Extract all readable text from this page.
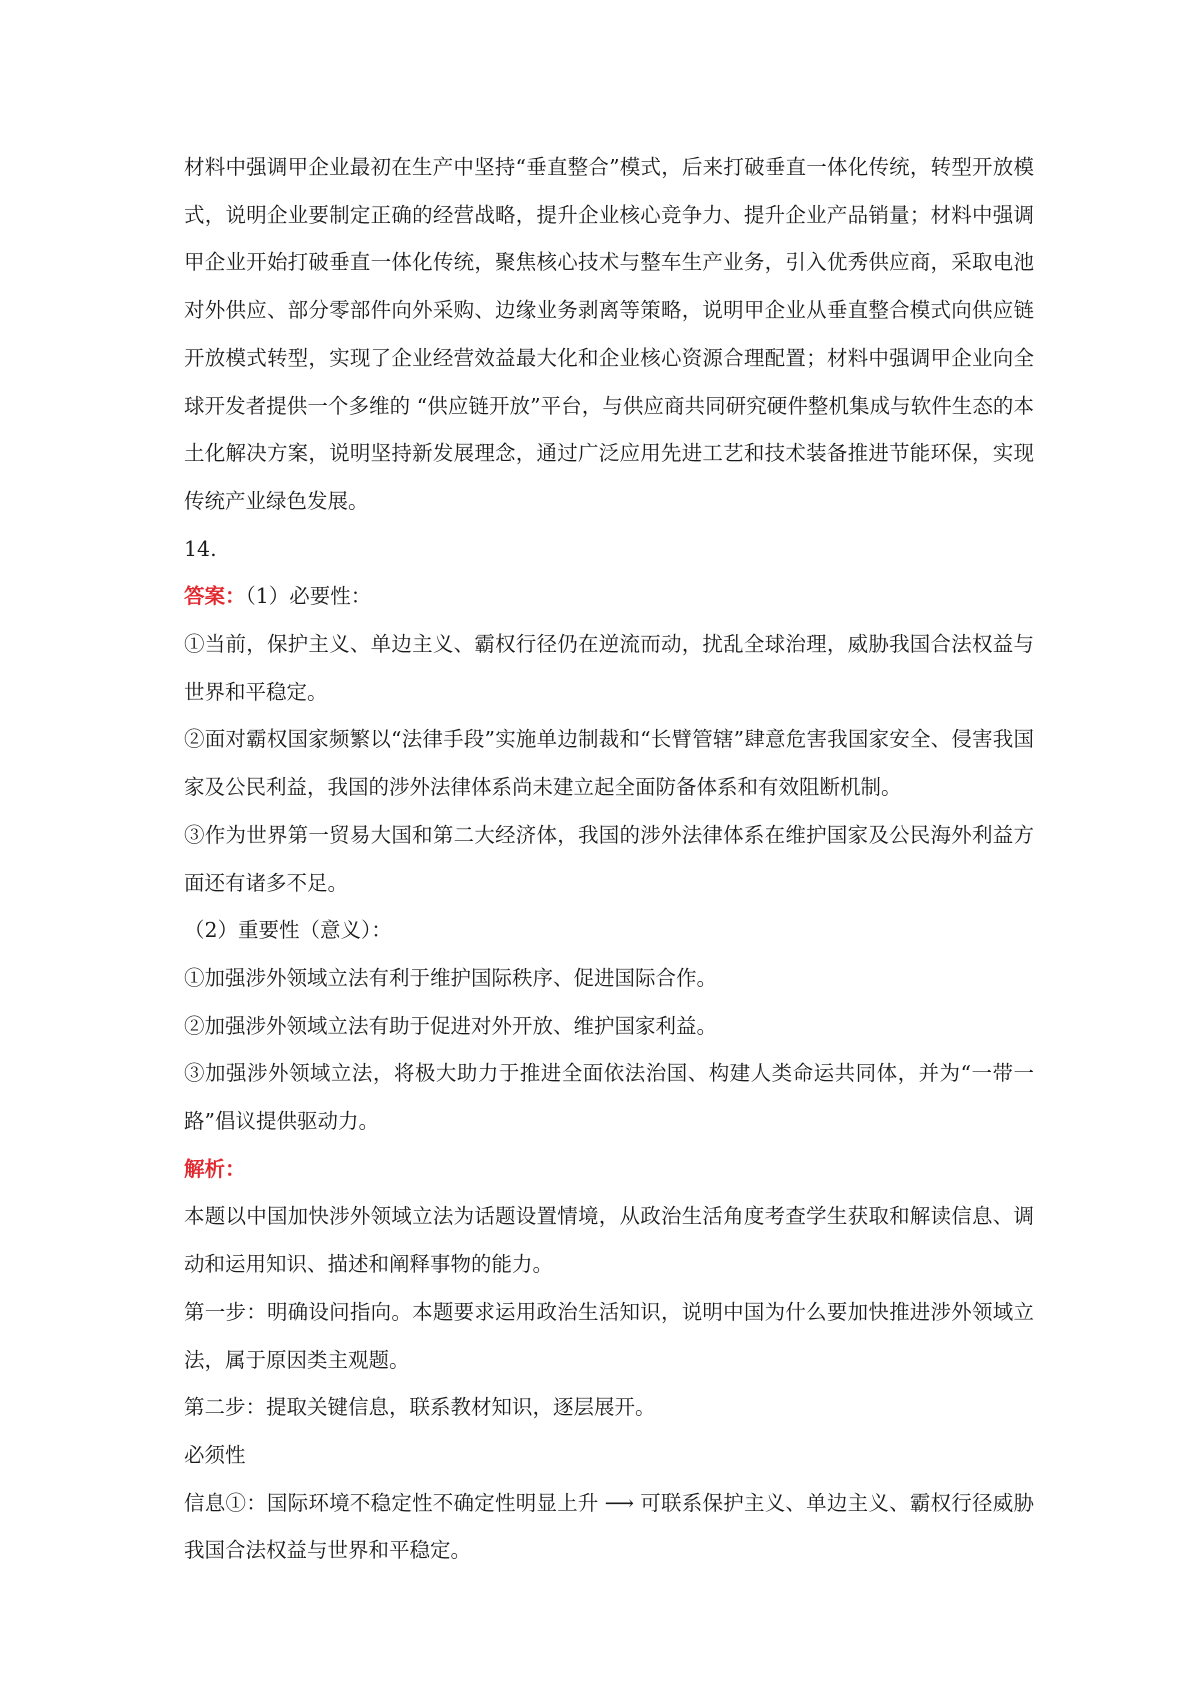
材料中强调甲企业最初在生产中坚持“垂直整合”模式，后来打破垂直一体化传统，转型开放模式，说明企业要制定正确的经营战略，提升企业核心竞争力、提升企业产品销量；材料中强调甲企业开始打破垂直一体化传统，聚焦核心技术与整车生产业务，引入优秀供应商，采取电池对外供应、部分零部件向外采购、边缘业务剥离等策略，说明甲企业从垂直整合模式向供应链开放模式转型，实现了企业经营效益最大化和企业核心资源合理配置；材料中强调甲企业向全球开发者提供一个多维的 “供应链开放”平台，与供应商共同研究硬件整机集成与软件生态的本土化解决方案，说明坚持新发展理念，通过广泛应用先进工艺和技术装备推进节能环保，实现传统产业绿色发展。

14.

答案：（1）必要性：

①当前，保护主义、单边主义、霸权行径仍在逆流而动，扰乱全球治理，威胁我国合法权益与世界和平稳定。

②面对霸权国家频繁以“法律手段”实施单边制裁和“长臂管辖”肆意危害我国家安全、侵害我国家及公民利益，我国的涉外法律体系尚未建立起全面防备体系和有效阻断机制。

③作为世界第一贸易大国和第二大经济体，我国的涉外法律体系在维护国家及公民海外利益方面还有诸多不足。

（2）重要性（意义）：

①加强涉外领域立法有利于维护国际秩序、促进国际合作。

②加强涉外领域立法有助于促进对外开放、维护国家利益。

③加强涉外领域立法，将极大助力于推进全面依法治国、构建人类命运共同体，并为“一带一路”倡议提供驱动力。

解析：

本题以中国加快涉外领域立法为话题设置情境，从政治生活角度考查学生获取和解读信息、调动和运用知识、描述和阐释事物的能力。

第一步：明确设问指向。本题要求运用政治生活知识，说明中国为什么要加快推进涉外领域立法，属于原因类主观题。

第二步：提取关键信息，联系教材知识，逐层展开。

必须性

信息①：国际环境不稳定性不确定性明显上升 ⟶ 可联系保护主义、单边主义、霸权行径威胁我国合法权益与世界和平稳定。
